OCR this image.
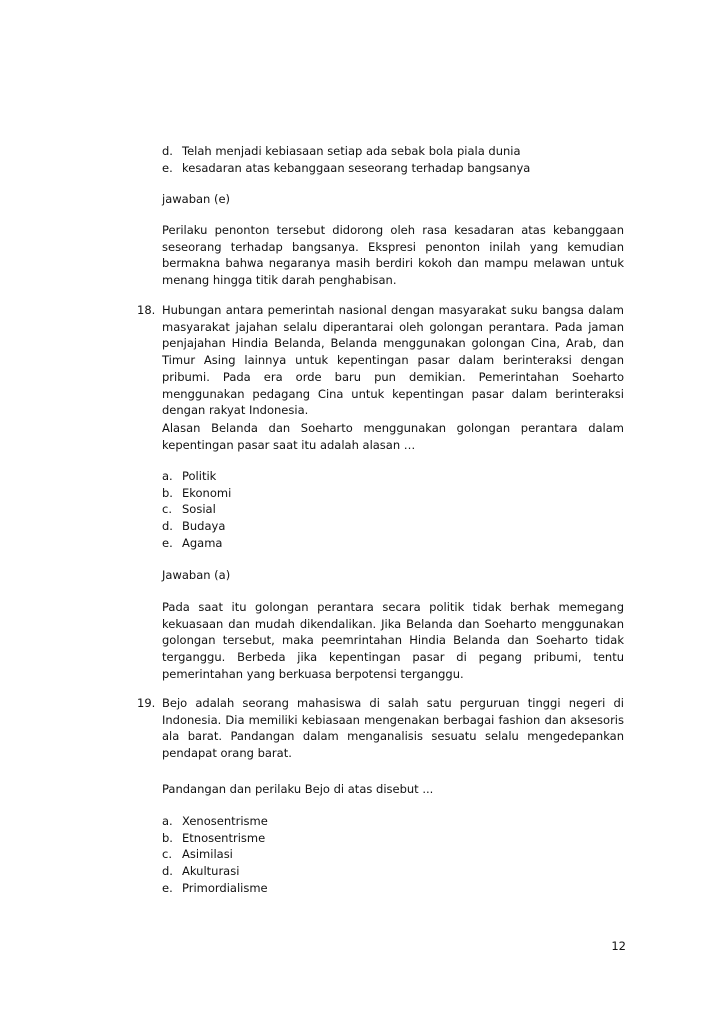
d. Telah menjadi kebiasaan setiap ada sebak bola piala dunia
e. kesadaran atas kebanggaan seseorang terhadap bangsanya
jawaban (e)

Perilaku penonton tersebut didorong oleh rasa kesadaran atas kebanggaan seseorang terhadap bangsanya. Ekspresi penonton inilah yang kemudian bermakna bahwa negaranya masih berdiri kokoh dan mampu melawan untuk menang hingga titik darah penghabisan.

18. Hubungan antara pemerintah nasional dengan masyarakat suku bangsa dalam masyarakat jajahan selalu diperantarai oleh golongan perantara. Pada jaman penjajahan Hindia Belanda, Belanda menggunakan golongan Cina, Arab, dan Timur Asing lainnya untuk kepentingan pasar dalam berinteraksi dengan pribumi. Pada era orde baru pun demikian. Pemerintahan Soeharto menggunakan pedagang Cina untuk kepentingan pasar dalam berinteraksi dengan rakyat Indonesia.

Alasan Belanda dan Soeharto menggunakan golongan perantara dalam kepentingan pasar saat itu adalah alasan …

a. Politik
b. Ekonomi
c. Sosial
d. Budaya
e. Agama
Jawaban (a)

Pada saat itu golongan perantara secara politik tidak berhak memegang kekuasaan dan mudah dikendalikan. Jika Belanda dan Soeharto menggunakan golongan tersebut, maka peemrintahan Hindia Belanda dan Soeharto tidak terganggu. Berbeda jika kepentingan pasar di pegang pribumi, tentu pemerintahan yang berkuasa berpotensi terganggu.

19. Bejo adalah seorang mahasiswa di salah satu perguruan tinggi negeri di Indonesia. Dia memiliki kebiasaan mengenakan berbagai fashion dan aksesoris ala barat. Pandangan dalam menganalisis sesuatu selalu mengedepankan pendapat orang barat.

Pandangan dan perilaku Bejo di atas disebut ...
a. Xenosentrisme
b. Etnosentrisme
c. Asimilasi
d. Akulturasi
e. Primordialisme
12
